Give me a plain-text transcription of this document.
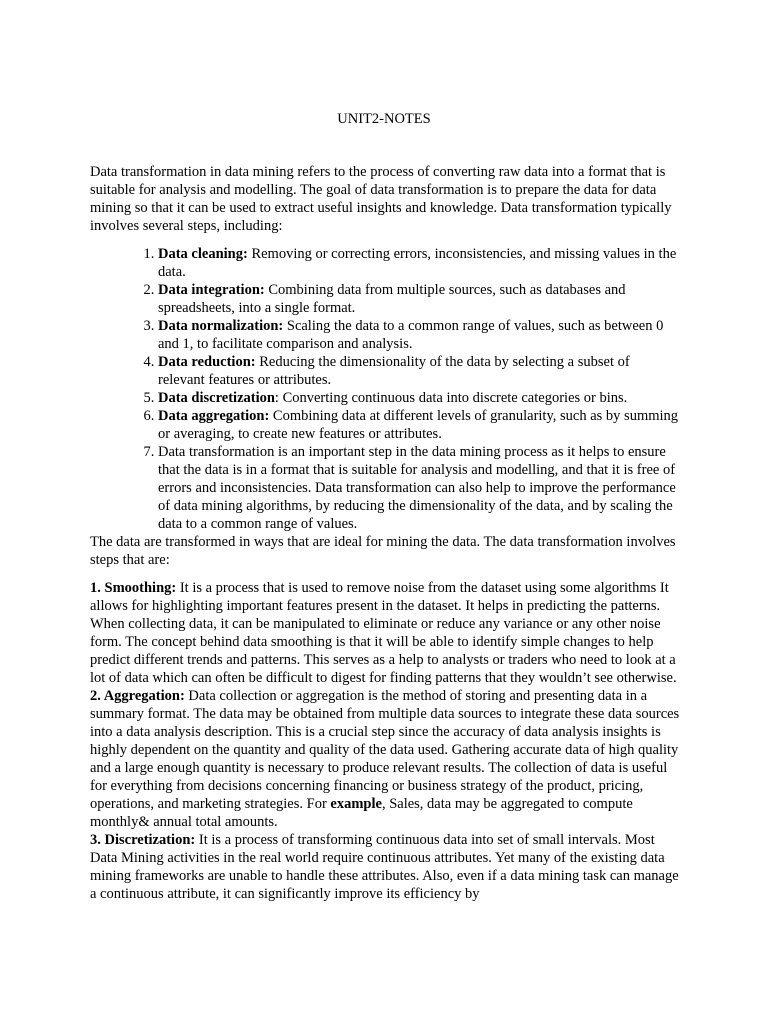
UNIT2-NOTES

Data transformation in data mining refers to the process of converting raw data into a format that is suitable for analysis and modelling. The goal of data transformation is to prepare the data for data mining so that it can be used to extract useful insights and knowledge. Data transformation typically involves several steps, including:

1. Data cleaning: Removing or correcting errors, inconsistencies, and missing values in the data.
2. Data integration: Combining data from multiple sources, such as databases and spreadsheets, into a single format.
3. Data normalization: Scaling the data to a common range of values, such as between 0 and 1, to facilitate comparison and analysis.
4. Data reduction: Reducing the dimensionality of the data by selecting a subset of relevant features or attributes.
5. Data discretization: Converting continuous data into discrete categories or bins.
6. Data aggregation: Combining data at different levels of granularity, such as by summing or averaging, to create new features or attributes.
7. Data transformation is an important step in the data mining process as it helps to ensure that the data is in a format that is suitable for analysis and modelling, and that it is free of errors and inconsistencies. Data transformation can also help to improve the performance of data mining algorithms, by reducing the dimensionality of the data, and by scaling the data to a common range of values.

The data are transformed in ways that are ideal for mining the data. The data transformation involves steps that are:

1. Smoothing: It is a process that is used to remove noise from the dataset using some algorithms It allows for highlighting important features present in the dataset. It helps in predicting the patterns. When collecting data, it can be manipulated to eliminate or reduce any variance or any other noise form. The concept behind data smoothing is that it will be able to identify simple changes to help predict different trends and patterns. This serves as a help to analysts or traders who need to look at a lot of data which can often be difficult to digest for finding patterns that they wouldn’t see otherwise.

2. Aggregation: Data collection or aggregation is the method of storing and presenting data in a summary format. The data may be obtained from multiple data sources to integrate these data sources into a data analysis description. This is a crucial step since the accuracy of data analysis insights is highly dependent on the quantity and quality of the data used. Gathering accurate data of high quality and a large enough quantity is necessary to produce relevant results. The collection of data is useful for everything from decisions concerning financing or business strategy of the product, pricing, operations, and marketing strategies. For example, Sales, data may be aggregated to compute monthly& annual total amounts.

3. Discretization: It is a process of transforming continuous data into set of small intervals. Most Data Mining activities in the real world require continuous attributes. Yet many of the existing data mining frameworks are unable to handle these attributes. Also, even if a data mining task can manage a continuous attribute, it can significantly improve its efficiency by
